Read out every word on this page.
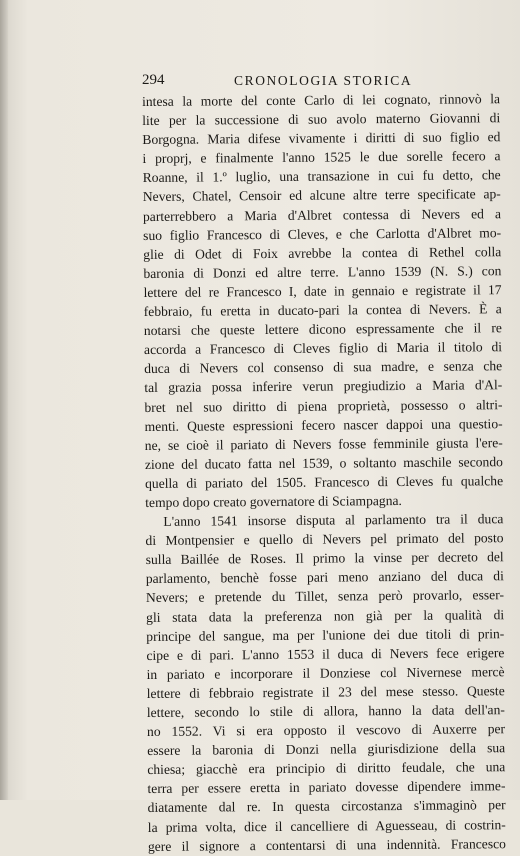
294	CRONOLOGIA STORICA
intesa la morte del conte Carlo di lei cognato, rinnovò la
lite per la successione di suo avolo materno Giovanni di
Borgogna. Maria difese vivamente i diritti di suo figlio ed
i proprj, e finalmente l'anno 1525 le due sorelle fecero a
Roanne, il 1.º luglio, una transazione in cui fu detto, che
Nevers, Chatel, Censoir ed alcune altre terre specificate ap-
parterrebbero a Maria d'Albret contessa di Nevers ed a
suo figlio Francesco di Cleves, e che Carlotta d'Albret mo-
glie di Odet di Foix avrebbe la contea di Rethel colla
baronia di Donzi ed altre terre. L'anno 1539 (N. S.) con
lettere del re Francesco I, date in gennaio e registrate il 17
febbraio, fu eretta in ducato-pari la contea di Nevers. È a
notarsi che queste lettere dicono espressamente che il re
accorda a Francesco di Cleves figlio di Maria il titolo di
duca di Nevers col consenso di sua madre, e senza che
tal grazia possa inferire verun pregiudizio a Maria d'Al-
bret nel suo diritto di piena proprietà, possesso o altri-
menti. Queste espressioni fecero nascer dappoi una questio-
ne, se cioè il pariato di Nevers fosse femminile giusta l'ere-
zione del ducato fatta nel 1539, o soltanto maschile secondo
quella di pariato del 1505. Francesco di Cleves fu qualche
tempo dopo creato governatore di Sciampagna.
L'anno 1541 insorse disputa al parlamento tra il duca
di Montpensier e quello di Nevers pel primato del posto
sulla Baillée de Roses. Il primo la vinse per decreto del
parlamento, benchè fosse pari meno anziano del duca di
Nevers; e pretende du Tillet, senza però provarlo, esser-
gli stata data la preferenza non già per la qualità di
principe del sangue, ma per l'unione dei due titoli di prin-
cipe e di pari. L'anno 1553 il duca di Nevers fece erigere
in pariato e incorporare il Donziese col Nivernese mercè
lettere di febbraio registrate il 23 del mese stesso. Queste
lettere, secondo lo stile di allora, hanno la data dell'an-
no 1552. Vi si era opposto il vescovo di Auxerre per
essere la baronia di Donzi nella giurisdizione della sua
chiesa; giacchè era principio di diritto feudale, che una
terra per essere eretta in pariato dovesse dipendere imme-
diatamente dal re. In questa circostanza s'immaginò per
la prima volta, dice il cancelliere di Aguesseau, di costrin-
gere il signore a contentarsi di una indennità. Francesco
